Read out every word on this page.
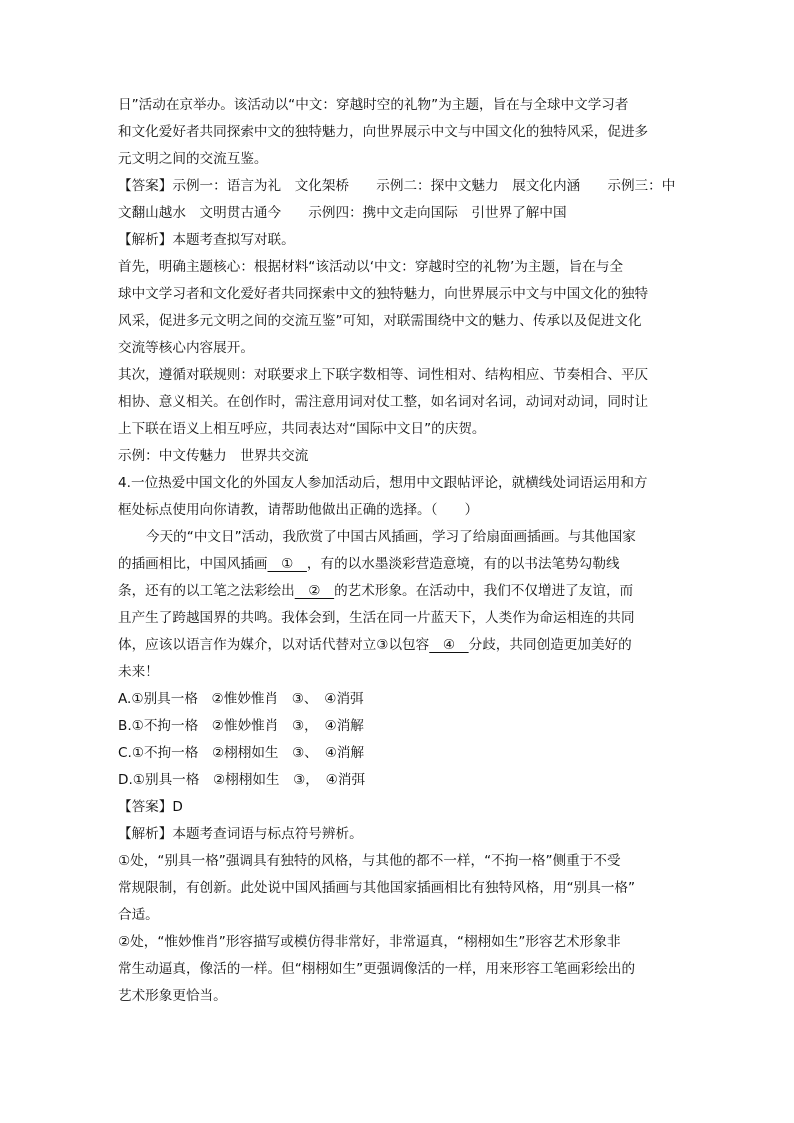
日”活动在京举办。该活动以“中文：穿越时空的礼物”为主题，旨在与全球中文学习者
和文化爱好者共同探索中文的独特魅力，向世界展示中文与中国文化的独特风采，促进多
元文明之间的交流互鉴。
【答案】示例一：语言为礼　文化架桥　　示例二：探中文魅力　展文化内涵　　示例三：中
文翻山越水　文明贯古通今　　示例四：携中文走向国际　引世界了解中国
【解析】本题考查拟写对联。
首先，明确主题核心：根据材料“该活动以‘中文：穿越时空的礼物’为主题，旨在与全
球中文学习者和文化爱好者共同探索中文的独特魅力，向世界展示中文与中国文化的独特
风采，促进多元文明之间的交流互鉴”可知，对联需围绕中文的魅力、传承以及促进文化
交流等核心内容展开。
其次，遵循对联规则：对联要求上下联字数相等、词性相对、结构相应、节奏相合、平仄
相协、意义相关。在创作时，需注意用词对仗工整，如名词对名词，动词对动词，同时让
上下联在语义上相互呼应，共同表达对“国际中文日”的庆贺。
示例：中文传魅力　世界共交流
4.一位热爱中国文化的外国友人参加活动后，想用中文跟帖评论，就横线处词语运用和方
框处标点使用向你请教，请帮助他做出正确的选择。（　　）
今天的“中文日”活动，我欣赏了中国古风插画，学习了给扇面画插画。与其他国家
的插画相比，中国风插画　①　，有的以水墨淡彩营造意境，有的以书法笔势勾勒线
条，还有的以工笔之法彩绘出　②　的艺术形象。在活动中，我们不仅增进了友谊，而
且产生了跨越国界的共鸣。我体会到，生活在同一片蓝天下，人类作为命运相连的共同
体，应该以语言作为媒介，以对话代替对立③以包容　④　分歧，共同创造更加美好的
未来！
A.①别具一格　②惟妙惟肖　③、　④消弭
B.①不拘一格　②惟妙惟肖　③，　④消解
C.①不拘一格　②栩栩如生　③、　④消解
D.①别具一格　②栩栩如生　③，　④消弭
【答案】D
【解析】本题考查词语与标点符号辨析。
①处，“别具一格”强调具有独特的风格，与其他的都不一样，“不拘一格”侧重于不受
常规限制，有创新。此处说中国风插画与其他国家插画相比有独特风格，用“别具一格”
合适。
②处，“惟妙惟肖”形容描写或模仿得非常好，非常逼真，“栩栩如生”形容艺术形象非
常生动逼真，像活的一样。但“栩栩如生”更强调像活的一样，用来形容工笔画彩绘出的
艺术形象更恰当。
